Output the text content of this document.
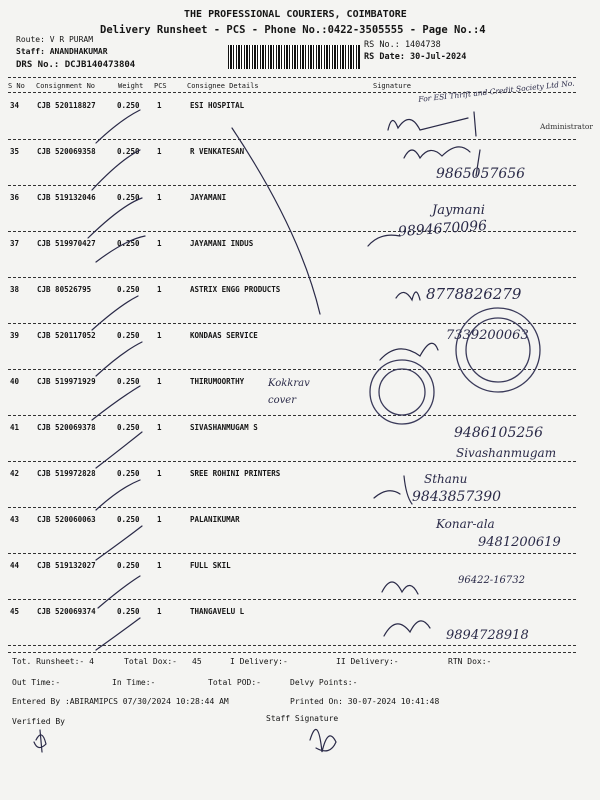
THE PROFESSIONAL COURIERS, COIMBATORE
Delivery Runsheet - PCS - Phone No.:0422-3505555 - Page No.:4
Route: V R PURAM
Staff: ANANDHAKUMAR
DRS No.: DCJB140473804
RS No.: 1404738
RS Date: 30-Jul-2024
S No Consignment No	Weight PCS	Consignee Details	Signature
34 CJB 520118827	0.250 1	ESI HOSPITAL
35 CJB 520069358	0.250 1	R VENKATESAN
36 CJB 519132046	0.250 1	JAYAMANI
37 CJB 519970427	0.250 1	JAYAMANI INDUS
38 CJB 80526795	0.250 1	ASTRIX ENGG PRODUCTS
39 CJB 520117052	0.250 1	KONDAAS SERVICE
40 CJB 519971929	0.250 1	THIRUMOORTHY
41 CJB 520069378	0.250 1	SIVASHANMUGAM S
42 CJB 519972828	0.250 1	SREE ROHINI PRINTERS
43 CJB 520060063	0.250 1	PALANIKUMAR
44 CJB 519132027	0.250 1	FULL SKIL
45 CJB 520069374	0.250 1	THANGAVELU L
For ESI Thrift and Credit Society Ltd No.
Administrator
9865057656
Jaymani
9894670096
8778826279
7339200063
Kokkrav cover
9486105256
Sivashanmugam
Sthanu
9843857390
Konar-ala
9481200619
96422-16732
9894728918
Tot. Runsheet:- 4	Total Dox:- 45	I Delivery:-	II Delivery:-	RTN Dox:-
Out Time:-	In Time:-	Total POD:-	Delvy Points:-
Entered By :ABIRAMIPCS 07/30/2024 10:28:44 AM	Printed On: 30-07-2024 10:41:48
Verified By	Staff Signature
